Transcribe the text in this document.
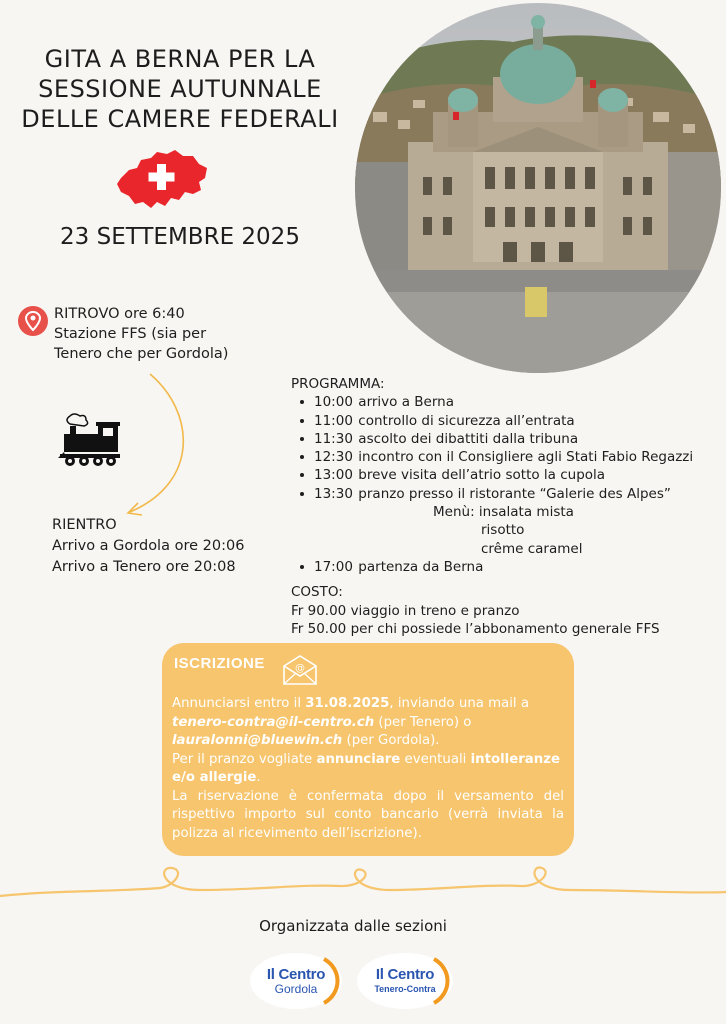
GITA A BERNA PER LA
SESSIONE AUTUNNALE
DELLE CAMERE FEDERALI
23 SETTEMBRE 2025
RITROVO ore 6:40
Stazione FFS (sia per
Tenero che per Gordola)
RIENTRO
Arrivo a Gordola ore 20:06
Arrivo a Tenero ore 20:08
PROGRAMMA:
10:00 arrivo a Berna
11:00 controllo di sicurezza all’entrata
11:30 ascolto dei dibattiti dalla tribuna
12:30 incontro con il Consigliere agli Stati Fabio Regazzi
13:00 breve visita dell’atrio sotto la cupola
13:30 pranzo presso il ristorante “Galerie des Alpes”
Menù: insalata mista
risotto
crême caramel
17:00 partenza da Berna
COSTO:
Fr 90.00 viaggio in treno e pranzo
Fr 50.00 per chi possiede l’abbonamento generale FFS
ISCRIZIONE	@
Annunciarsi entro il 31.08.2025, inviando una mail a
tenero-contra@il-centro.ch (per Tenero) o
lauralonni@bluewin.ch (per Gordola).
Per il pranzo vogliate annunciare eventuali intolleranze e/o allergie.
La riservazione è confermata dopo il versamento del rispettivo importo sul conto bancario (verrà inviata la polizza al ricevimento dell’iscrizione).
Organizzata dalle sezioni
Il Centro
Gordola
Il Centro
Tenero-Contra
